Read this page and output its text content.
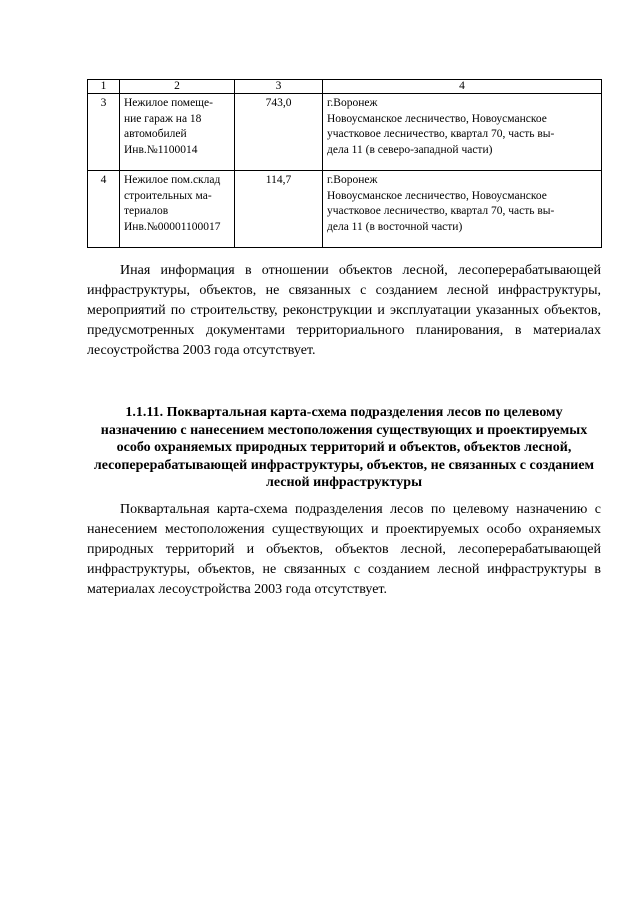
1	2	3	4
3	Нежилое помеще-
ние гараж на 18
автомобилей
Инв.№1100014	743,0	г.Воронеж
Новоусманское лесничество, Новоусманское
участковое лесничество, квартал 70, часть вы-
дела 11 (в северо-западной части)
4	Нежилое пом.склад
строительных ма-
териалов
Инв.№00001100017	114,7	г.Воронеж
Новоусманское лесничество, Новоусманское
участковое лесничество, квартал 70, часть вы-
дела 11 (в восточной части)

Иная информация в отношении объектов лесной, лесоперерабатывающей инфраструктуры, объектов, не связанных с созданием лесной инфраструктуры, мероприятий по строительству, реконструкции и эксплуатации указанных объектов, предусмотренных документами территориального планирования, в материалах лесоустройства 2003 года отсутствует.

1.1.11. Поквартальная карта-схема подразделения лесов по целевому назначению с нанесением местоположения существующих и проектируемых особо охраняемых природных территорий и объектов, объектов лесной, лесоперерабатывающей инфраструктуры, объектов, не связанных с созданием лесной инфраструктуры

Поквартальная карта-схема подразделения лесов по целевому назначению с нанесением местоположения существующих и проектируемых особо охраняемых природных территорий и объектов, объектов лесной, лесоперерабатывающей инфраструктуры, объектов, не связанных с созданием лесной инфраструктуры в материалах лесоустройства 2003 года отсутствует.
